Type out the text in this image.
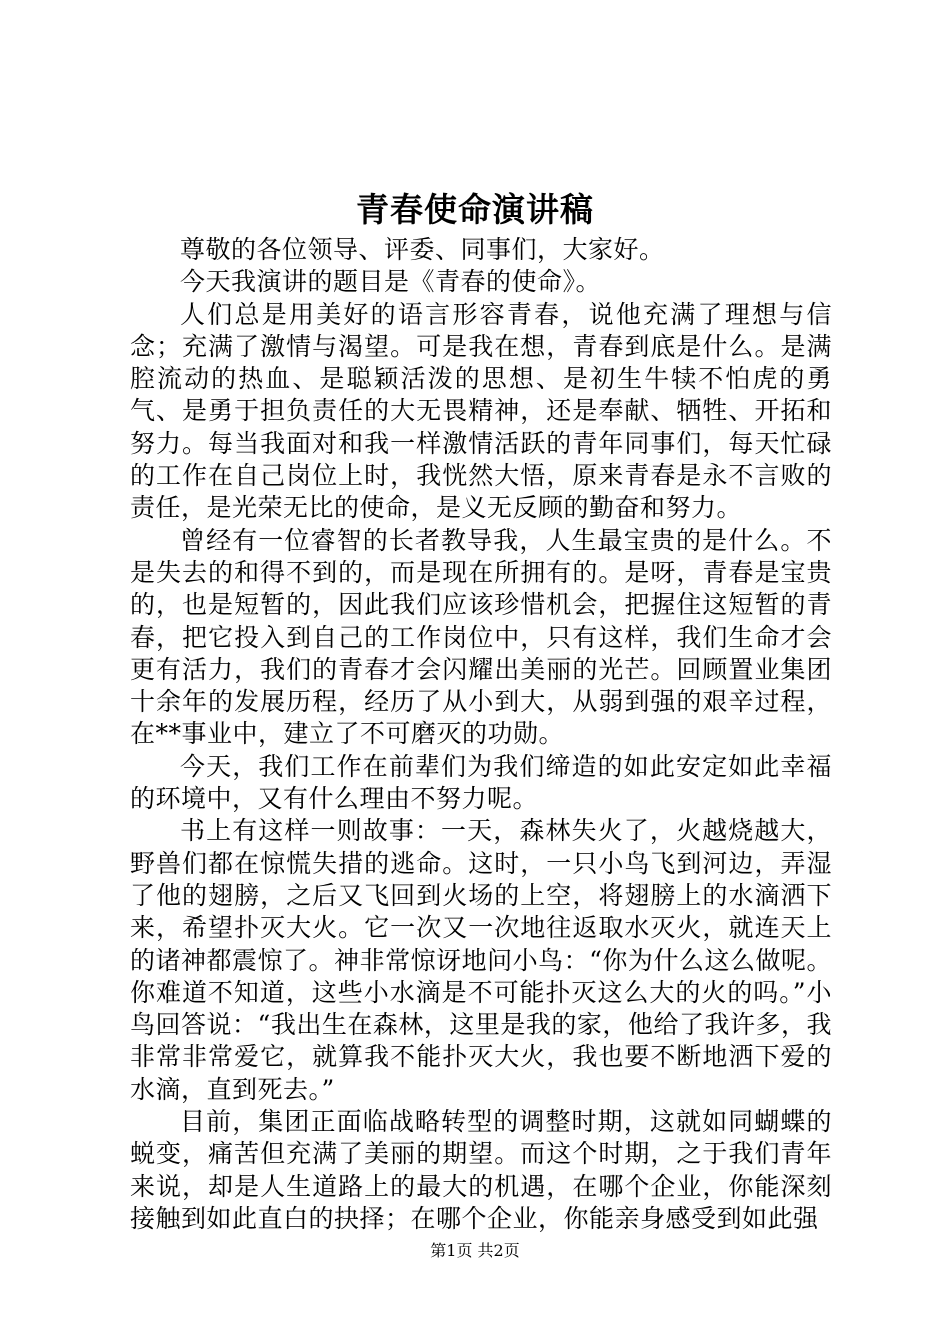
青春使命演讲稿

尊敬的各位领导、评委、同事们，大家好。

今天我演讲的题目是《青春的使命》。

人们总是用美好的语言形容青春，说他充满了理想与信念；充满了激情与渴望。可是我在想，青春到底是什么。是满腔流动的热血、是聪颖活泼的思想、是初生牛犊不怕虎的勇气、是勇于担负责任的大无畏精神，还是奉献、牺牲、开拓和努力。每当我面对和我一样激情活跃的青年同事们，每天忙碌的工作在自己岗位上时，我恍然大悟，原来青春是永不言败的责任，是光荣无比的使命，是义无反顾的勤奋和努力。

曾经有一位睿智的长者教导我，人生最宝贵的是什么。不是失去的和得不到的，而是现在所拥有的。是呀，青春是宝贵的，也是短暂的，因此我们应该珍惜机会，把握住这短暂的青春，把它投入到自己的工作岗位中，只有这样，我们生命才会更有活力，我们的青春才会闪耀出美丽的光芒。回顾置业集团十余年的发展历程，经历了从小到大，从弱到强的艰辛过程，在**事业中，建立了不可磨灭的功勋。

今天，我们工作在前辈们为我们缔造的如此安定如此幸福的环境中，又有什么理由不努力呢。

书上有这样一则故事：一天，森林失火了，火越烧越大，野兽们都在惊慌失措的逃命。这时，一只小鸟飞到河边，弄湿了他的翅膀，之后又飞回到火场的上空，将翅膀上的水滴洒下来，希望扑灭大火。它一次又一次地往返取水灭火，就连天上的诸神都震惊了。神非常惊讶地问小鸟：“你为什么这么做呢。你难道不知道，这些小水滴是不可能扑灭这么大的火的吗。”小鸟回答说：“我出生在森林，这里是我的家，他给了我许多，我非常非常爱它，就算我不能扑灭大火，我也要不断地洒下爱的水滴，直到死去。”

目前，集团正面临战略转型的调整时期，这就如同蝴蝶的蜕变，痛苦但充满了美丽的期望。而这个时期，之于我们青年来说，却是人生道路上的最大的机遇，在哪个企业，你能深刻接触到如此直白的抉择；在哪个企业，你能亲身感受到如此强

第1页 共2页
